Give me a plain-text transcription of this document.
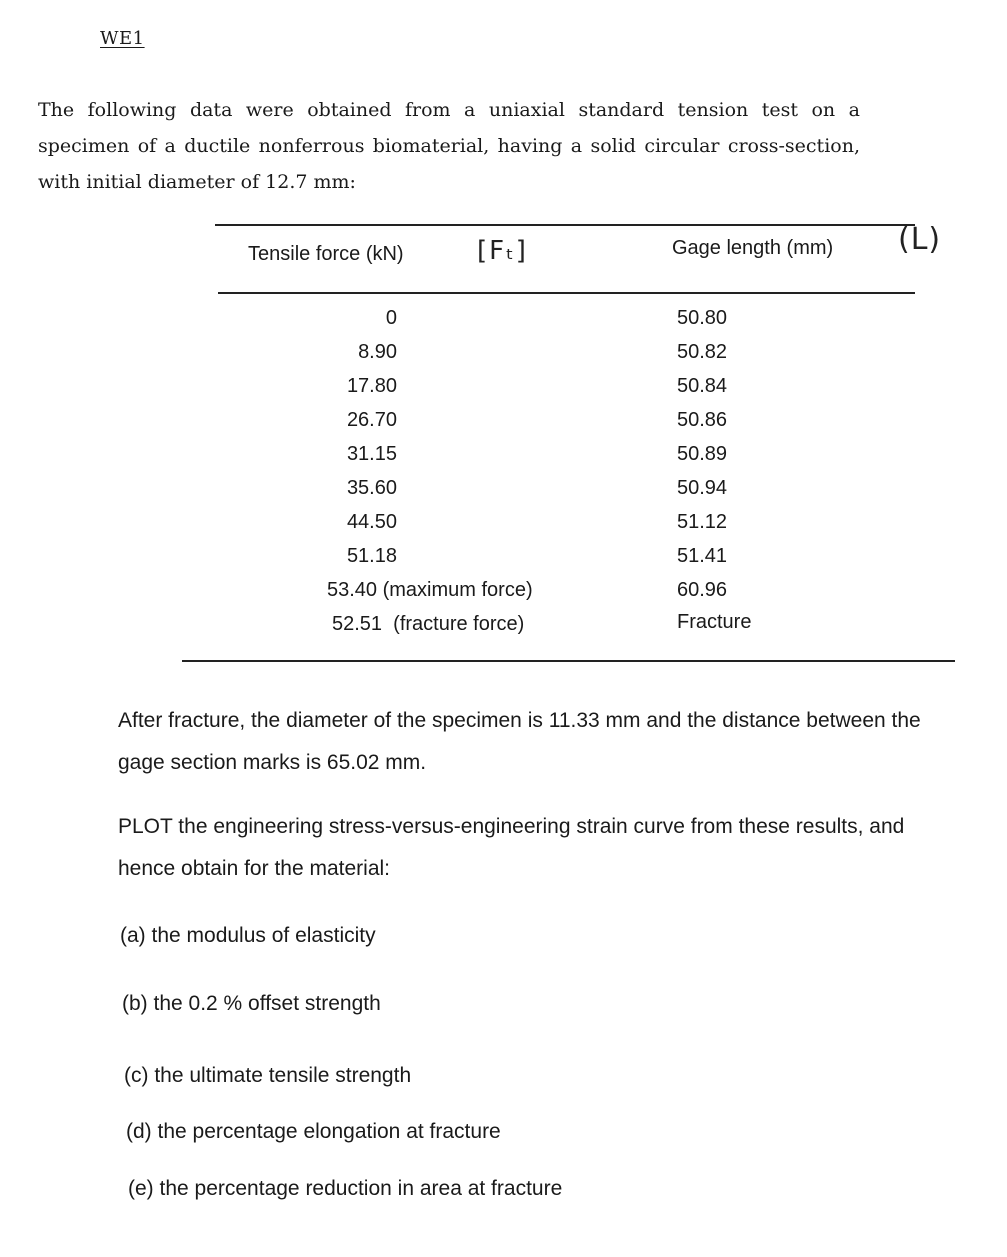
WE1
The following data were obtained from a uniaxial standard tension test on a specimen of a ductile nonferrous biomaterial, having a solid circular cross-section, with initial diameter of 12.7 mm:
Tensile force (kN)	[Fₜ]	Gage length (mm) (L)
0	50.80
8.90	50.82
17.80	50.84
26.70	50.86
31.15	50.89
35.60	50.94
44.50	51.12
51.18	51.41
53.40 (maximum force)	60.96
52.51  (fracture force)	Fracture
After fracture, the diameter of the specimen is 11.33 mm and the distance between the gage section marks is 65.02 mm.
PLOT the engineering stress-versus-engineering strain curve from these results, and hence obtain for the material:
(a) the modulus of elasticity
(b) the 0.2 % offset strength
(c) the ultimate tensile strength
(d) the percentage elongation at fracture
(e) the percentage reduction in area at fracture
